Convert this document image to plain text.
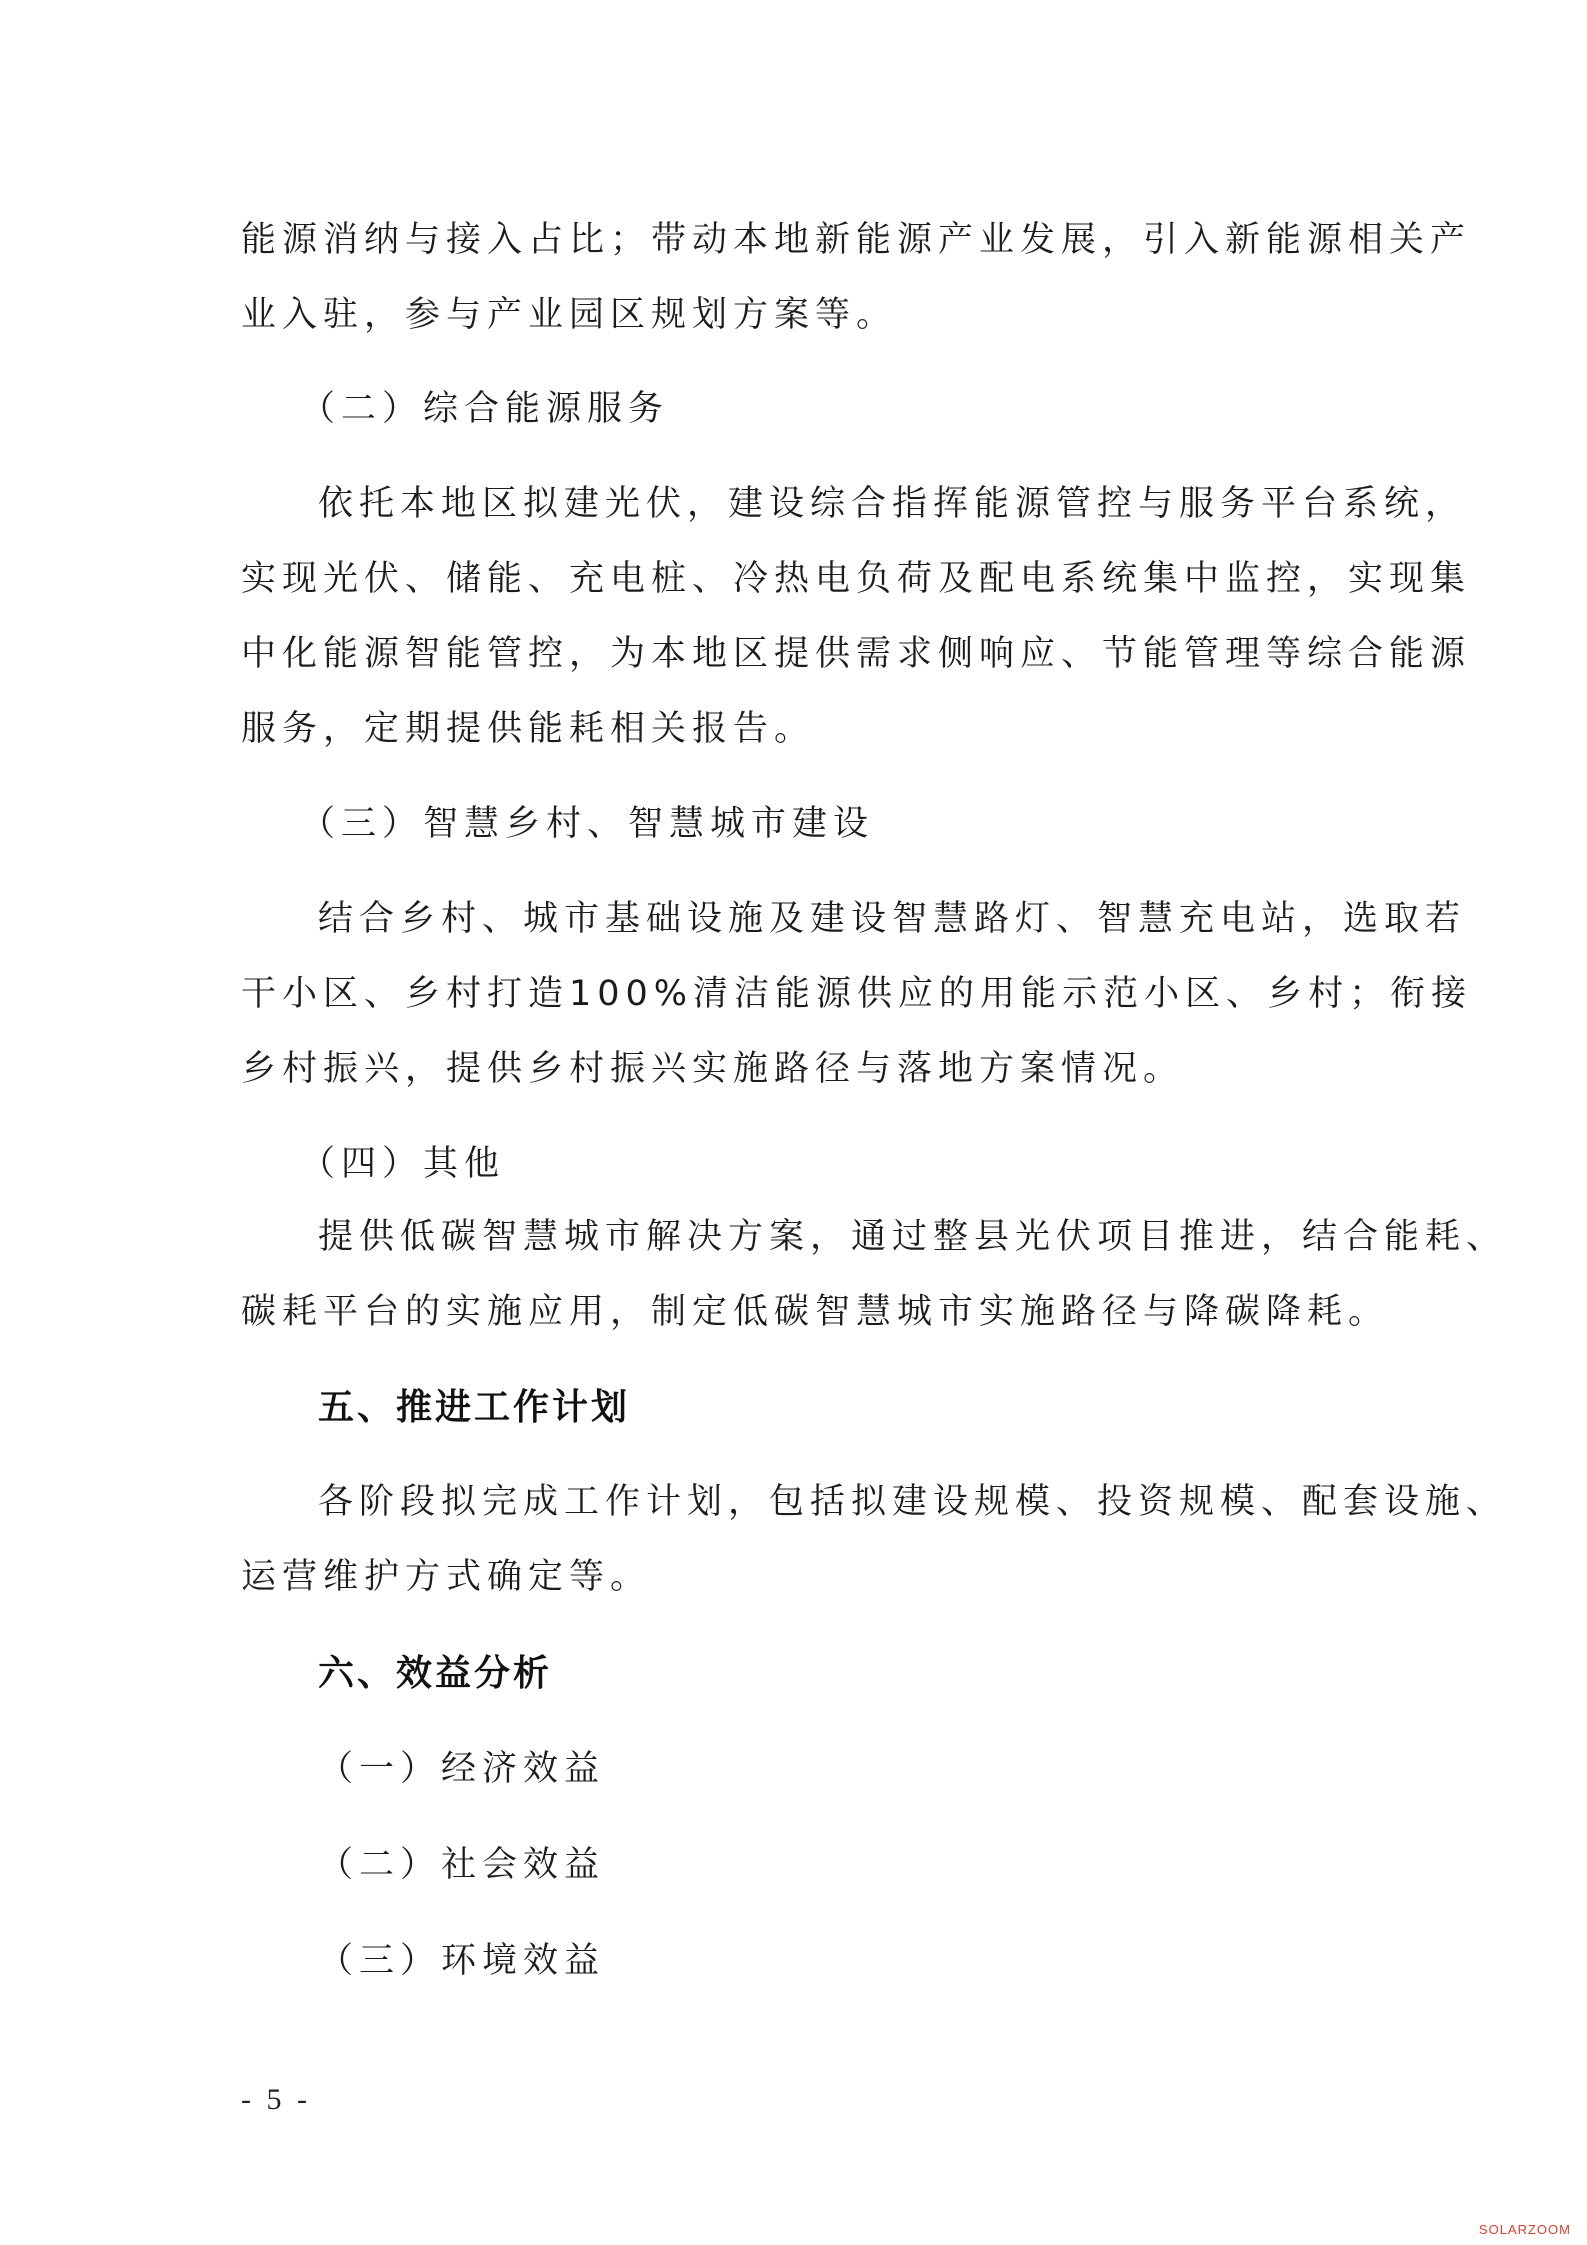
能源消纳与接入占比；带动本地新能源产业发展，引入新能源相关产
业入驻，参与产业园区规划方案等。
（二）综合能源服务
依托本地区拟建光伏，建设综合指挥能源管控与服务平台系统，
实现光伏、储能、充电桩、冷热电负荷及配电系统集中监控，实现集
中化能源智能管控，为本地区提供需求侧响应、节能管理等综合能源
服务，定期提供能耗相关报告。
（三）智慧乡村、智慧城市建设
结合乡村、城市基础设施及建设智慧路灯、智慧充电站，选取若
干小区、乡村打造100%清洁能源供应的用能示范小区、乡村；衔接
乡村振兴，提供乡村振兴实施路径与落地方案情况。
（四）其他
提供低碳智慧城市解决方案，通过整县光伏项目推进，结合能耗、
碳耗平台的实施应用，制定低碳智慧城市实施路径与降碳降耗。
五、推进工作计划
各阶段拟完成工作计划，包括拟建设规模、投资规模、配套设施、
运营维护方式确定等。
六、效益分析
（一）经济效益
（二）社会效益
（三）环境效益
- 5 -
SOLARZOOM
